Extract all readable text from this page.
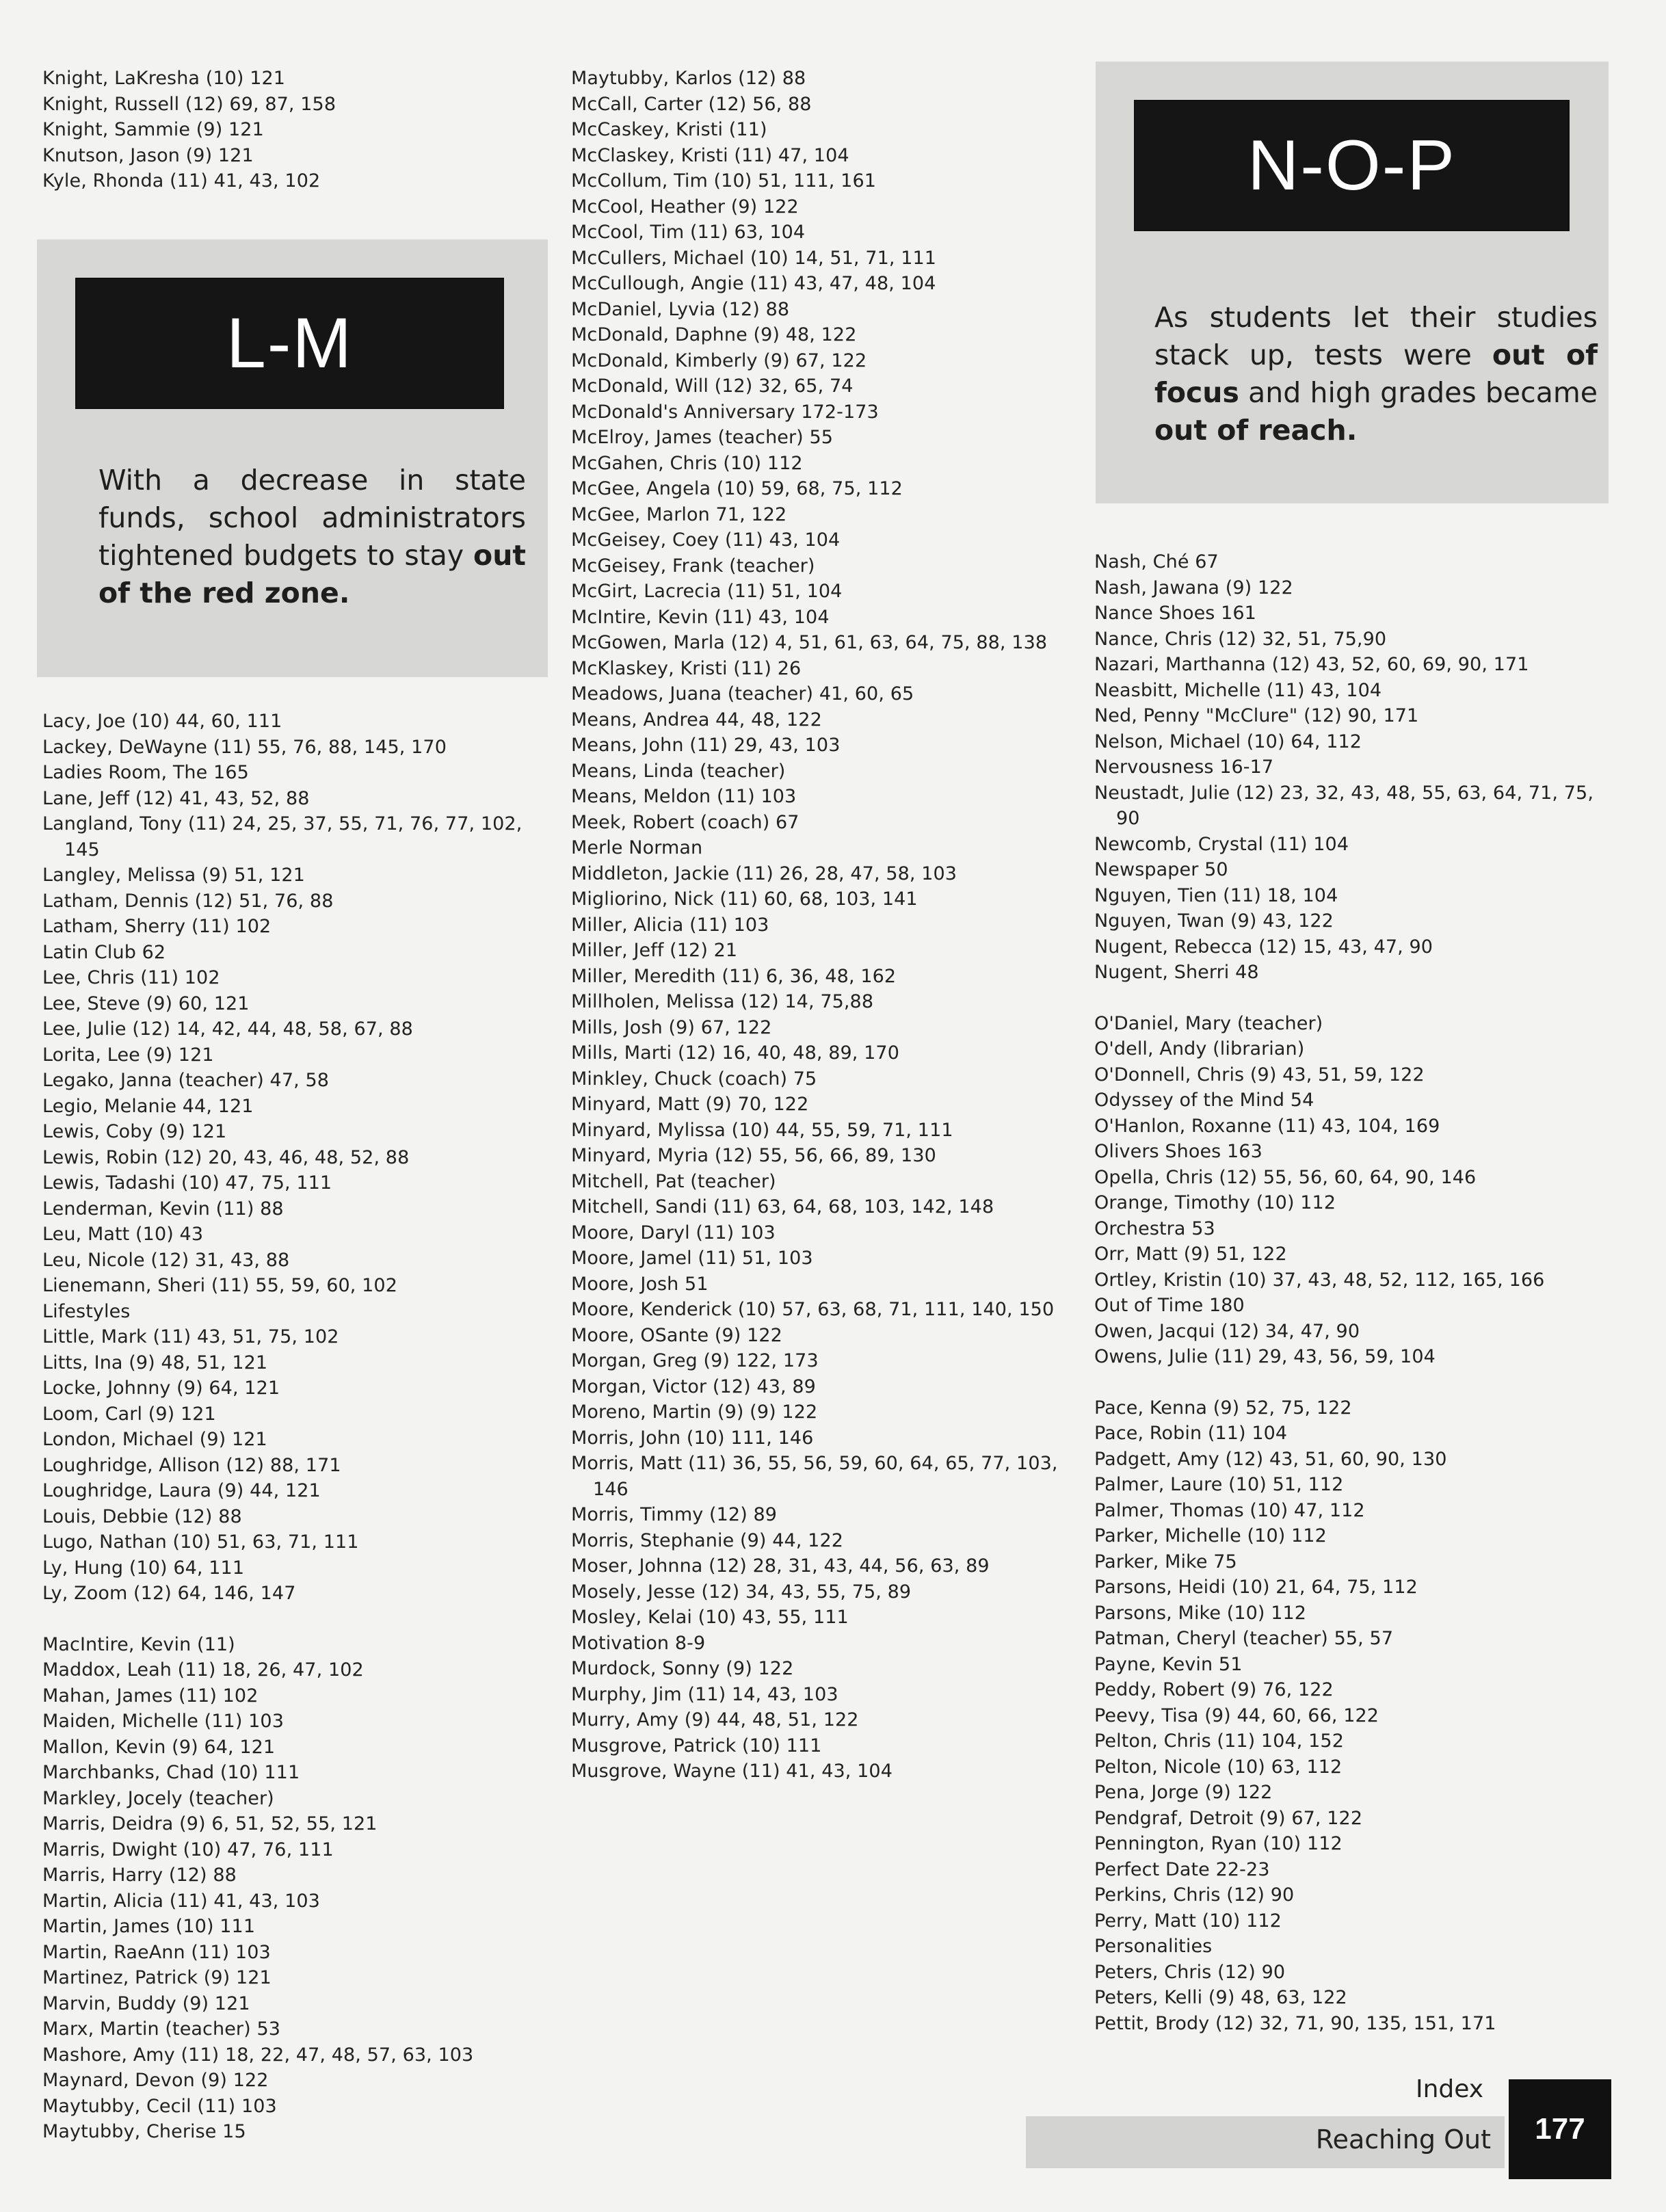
Knight, LaKresha (10) 121

Knight, Russell (12) 69, 87, 158

Knight, Sammie (9) 121

Knutson, Jason (9) 121

Kyle, Rhonda (11) 41, 43, 102

L-M
With a decrease in state funds, school administrators tightened budgets to stay out of the red zone.

Lacy, Joe (10) 44, 60, 111

Lackey, DeWayne (11) 55, 76, 88, 145, 170

Ladies Room, The 165

Lane, Jeff (12) 41, 43, 52, 88

Langland, Tony (11) 24, 25, 37, 55, 71, 76, 77, 102, 145

Langley, Melissa (9) 51, 121

Latham, Dennis (12) 51, 76, 88

Latham, Sherry (11) 102

Latin Club 62

Lee, Chris (11) 102

Lee, Steve (9) 60, 121

Lee, Julie (12) 14, 42, 44, 48, 58, 67, 88

Lorita, Lee (9) 121

Legako, Janna (teacher) 47, 58

Legio, Melanie 44, 121

Lewis, Coby (9) 121

Lewis, Robin (12) 20, 43, 46, 48, 52, 88

Lewis, Tadashi (10) 47, 75, 111

Lenderman, Kevin (11) 88

Leu, Matt (10) 43

Leu, Nicole (12) 31, 43, 88

Lienemann, Sheri (11) 55, 59, 60, 102

Lifestyles

Little, Mark (11) 43, 51, 75, 102

Litts, Ina (9) 48, 51, 121

Locke, Johnny (9) 64, 121

Loom, Carl (9) 121

London, Michael (9) 121

Loughridge, Allison (12) 88, 171

Loughridge, Laura (9) 44, 121

Louis, Debbie (12) 88

Lugo, Nathan (10) 51, 63, 71, 111

Ly, Hung (10) 64, 111

Ly, Zoom (12) 64, 146, 147

MacIntire, Kevin (11)

Maddox, Leah (11) 18, 26, 47, 102

Mahan, James (11) 102

Maiden, Michelle (11) 103

Mallon, Kevin (9) 64, 121

Marchbanks, Chad (10) 111

Markley, Jocely (teacher)

Marris, Deidra (9) 6, 51, 52, 55, 121

Marris, Dwight (10) 47, 76, 111

Marris, Harry (12) 88

Martin, Alicia (11) 41, 43, 103

Martin, James (10) 111

Martin, RaeAnn (11) 103

Martinez, Patrick (9) 121

Marvin, Buddy (9) 121

Marx, Martin (teacher) 53

Mashore, Amy (11) 18, 22, 47, 48, 57, 63, 103

Maynard, Devon (9) 122

Maytubby, Cecil (11) 103

Maytubby, Cherise 15

Maytubby, Karlos (12) 88

McCall, Carter (12) 56, 88

McCaskey, Kristi (11)

McClaskey, Kristi (11) 47, 104

McCollum, Tim (10) 51, 111, 161

McCool, Heather (9) 122

McCool, Tim (11) 63, 104

McCullers, Michael (10) 14, 51, 71, 111

McCullough, Angie (11) 43, 47, 48, 104

McDaniel, Lyvia (12) 88

McDonald, Daphne (9) 48, 122

McDonald, Kimberly (9) 67, 122

McDonald, Will (12) 32, 65, 74

McDonald's Anniversary 172-173

McElroy, James (teacher) 55

McGahen, Chris (10) 112

McGee, Angela (10) 59, 68, 75, 112

McGee, Marlon 71, 122

McGeisey, Coey (11) 43, 104

McGeisey, Frank (teacher)

McGirt, Lacrecia (11) 51, 104

McIntire, Kevin (11) 43, 104

McGowen, Marla (12) 4, 51, 61, 63, 64, 75, 88, 138

McKlaskey, Kristi (11) 26

Meadows, Juana (teacher) 41, 60, 65

Means, Andrea 44, 48, 122

Means, John (11) 29, 43, 103

Means, Linda (teacher)

Means, Meldon (11) 103

Meek, Robert (coach) 67

Merle Norman

Middleton, Jackie (11) 26, 28, 47, 58, 103

Migliorino, Nick (11) 60, 68, 103, 141

Miller, Alicia (11) 103

Miller, Jeff (12) 21

Miller, Meredith (11) 6, 36, 48, 162

Millholen, Melissa (12) 14, 75,88

Mills, Josh (9) 67, 122

Mills, Marti (12) 16, 40, 48, 89, 170

Minkley, Chuck (coach) 75

Minyard, Matt (9) 70, 122

Minyard, Mylissa (10) 44, 55, 59, 71, 111

Minyard, Myria (12) 55, 56, 66, 89, 130

Mitchell, Pat (teacher)

Mitchell, Sandi (11) 63, 64, 68, 103, 142, 148

Moore, Daryl (11) 103

Moore, Jamel (11) 51, 103

Moore, Josh 51

Moore, Kenderick (10) 57, 63, 68, 71, 111, 140, 150

Moore, OSante (9) 122

Morgan, Greg (9) 122, 173

Morgan, Victor (12) 43, 89

Moreno, Martin (9) (9) 122

Morris, John (10) 111, 146

Morris, Matt (11) 36, 55, 56, 59, 60, 64, 65, 77, 103, 146

Morris, Timmy (12) 89

Morris, Stephanie (9) 44, 122

Moser, Johnna (12) 28, 31, 43, 44, 56, 63, 89

Mosely, Jesse (12) 34, 43, 55, 75, 89

Mosley, Kelai (10) 43, 55, 111

Motivation 8-9

Murdock, Sonny (9) 122

Murphy, Jim (11) 14, 43, 103

Murry, Amy (9) 44, 48, 51, 122

Musgrove, Patrick (10) 111

Musgrove, Wayne (11) 41, 43, 104

N-O-P
As students let their studies stack up, tests were out of focus and high grades became out of reach.

Nash, Ché 67

Nash, Jawana (9) 122

Nance Shoes 161

Nance, Chris (12) 32, 51, 75,90

Nazari, Marthanna (12) 43, 52, 60, 69, 90, 171

Neasbitt, Michelle (11) 43, 104

Ned, Penny "McClure" (12) 90, 171

Nelson, Michael (10) 64, 112

Nervousness 16-17

Neustadt, Julie (12) 23, 32, 43, 48, 55, 63, 64, 71, 75, 90

Newcomb, Crystal (11) 104

Newspaper 50

Nguyen, Tien (11) 18, 104

Nguyen, Twan (9) 43, 122

Nugent, Rebecca (12) 15, 43, 47, 90

Nugent, Sherri 48

O'Daniel, Mary (teacher)

O'dell, Andy (librarian)

O'Donnell, Chris (9) 43, 51, 59, 122

Odyssey of the Mind 54

O'Hanlon, Roxanne (11) 43, 104, 169

Olivers Shoes 163

Opella, Chris (12) 55, 56, 60, 64, 90, 146

Orange, Timothy (10) 112

Orchestra 53

Orr, Matt (9) 51, 122

Ortley, Kristin (10) 37, 43, 48, 52, 112, 165, 166

Out of Time 180

Owen, Jacqui (12) 34, 47, 90

Owens, Julie (11) 29, 43, 56, 59, 104

Pace, Kenna (9) 52, 75, 122

Pace, Robin (11) 104

Padgett, Amy (12) 43, 51, 60, 90, 130

Palmer, Laure (10) 51, 112

Palmer, Thomas (10) 47, 112

Parker, Michelle (10) 112

Parker, Mike 75

Parsons, Heidi (10) 21, 64, 75, 112

Parsons, Mike (10) 112

Patman, Cheryl (teacher) 55, 57

Payne, Kevin 51

Peddy, Robert (9) 76, 122

Peevy, Tisa (9) 44, 60, 66, 122

Pelton, Chris (11) 104, 152

Pelton, Nicole (10) 63, 112

Pena, Jorge (9) 122

Pendgraf, Detroit (9) 67, 122

Pennington, Ryan (10) 112

Perfect Date 22-23

Perkins, Chris (12) 90

Perry, Matt (10) 112

Personalities

Peters, Chris (12) 90

Peters, Kelli (9) 48, 63, 122

Pettit, Brody (12) 32, 71, 90, 135, 151, 171

Index
Reaching Out	177
